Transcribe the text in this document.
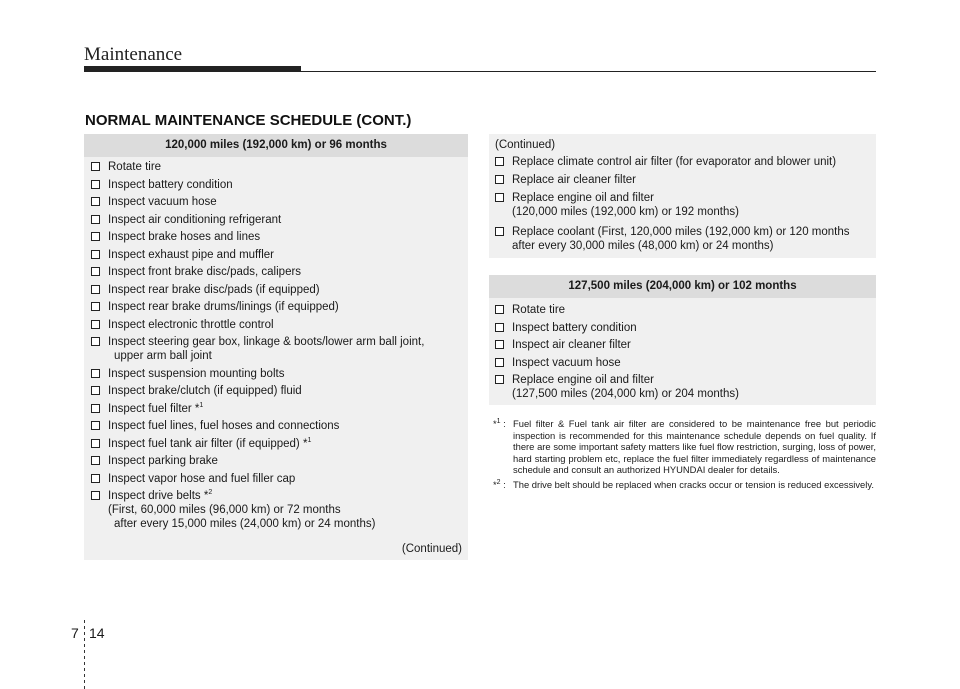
Maintenance
NORMAL MAINTENANCE SCHEDULE (CONT.)
120,000 miles (192,000 km) or 96 months
Rotate tire
Inspect battery condition
Inspect vacuum hose
Inspect air conditioning refrigerant
Inspect brake hoses and lines
Inspect exhaust pipe and muffler
Inspect front brake disc/pads, calipers
Inspect rear brake disc/pads (if equipped)
Inspect rear brake drums/linings (if equipped)
Inspect electronic throttle control
Inspect steering gear box, linkage & boots/lower arm ball joint,
upper arm ball joint
Inspect suspension mounting bolts
Inspect brake/clutch (if equipped) fluid
Inspect fuel filter *$^1$
Inspect fuel lines, fuel hoses and connections
Inspect fuel tank air filter (if equipped) *$^1$
Inspect parking brake
Inspect vapor hose and fuel filler cap
Inspect drive belts *$^2$
(First, 60,000 miles (96,000 km) or 72 months
after every 15,000 miles (24,000 km) or 24 months)
(Continued)
(Continued)
Replace climate control air filter (for evaporator and blower unit)
Replace air cleaner filter
Replace engine oil and filter
(120,000 miles (192,000 km) or 192 months)
Replace coolant (First, 120,000 miles (192,000 km) or 120 months
after every 30,000 miles (48,000 km) or 24 months)
127,500 miles (204,000 km) or 102 months
Rotate tire
Inspect battery condition
Inspect air cleaner filter
Inspect vacuum hose
Replace engine oil and filter
(127,500 miles (204,000 km) or 204 months)
*$^1$ : Fuel filter & Fuel tank air filter are considered to be maintenance free but periodic inspection is recommended for this maintenance schedule depends on fuel quality. If there are some important safety matters like fuel flow restriction, surging, loss of power, hard starting problem etc, replace the fuel filter immediately regardless of maintenance schedule and consult an authorized HYUNDAI dealer for details.
*$^2$ : The drive belt should be replaced when cracks occur or tension is reduced excessively.
7 14
